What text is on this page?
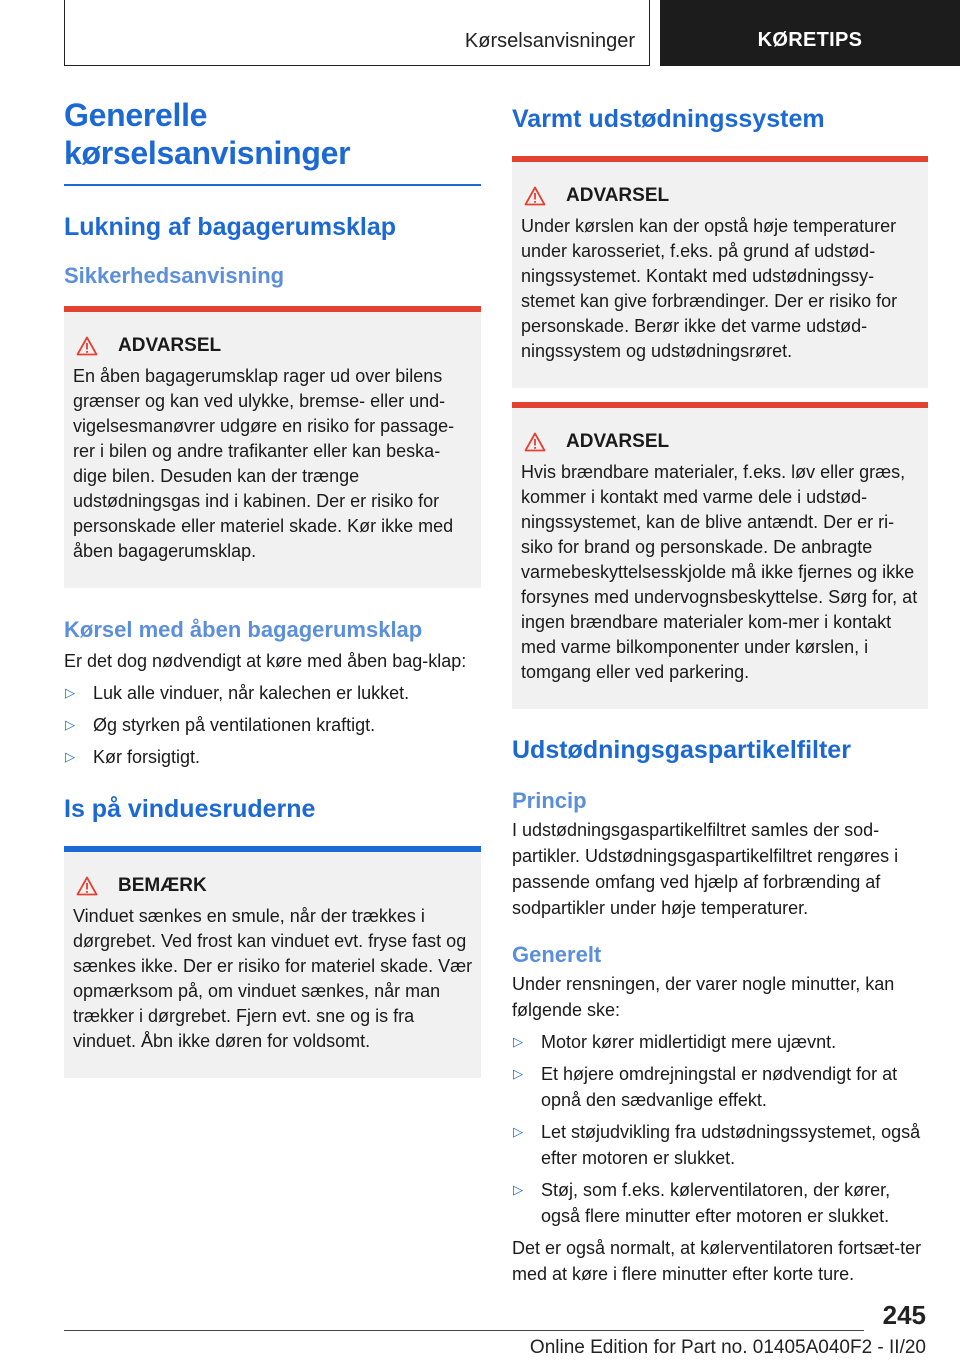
Kørselsanvisninger	KØRETIPS
Generelle kørselsanvisninger
Lukning af bagagerumsklap
Sikkerhedsanvisning
ADVARSEL
En åben bagagerumsklap rager ud over bilens grænser og kan ved ulykke, bremse- eller und-vigelsesmanøvrer udgøre en risiko for passage-rer i bilen og andre trafikanter eller kan beska-dige bilen. Desuden kan der trænge udstødningsgas ind i kabinen. Der er risiko for personskade eller materiel skade. Kør ikke med åben bagagerumsklap.
Kørsel med åben bagagerumsklap

Er det dog nødvendigt at køre med åben bag-klap:

▷	Luk alle vinduer, når kalechen er lukket.
▷	Øg styrken på ventilationen kraftigt.
▷	Kør forsigtigt.
Is på vinduesruderne
BEMÆRK
Vinduet sænkes en smule, når der trækkes i dørgrebet. Ved frost kan vinduet evt. fryse fast og sænkes ikke. Der er risiko for materiel skade. Vær opmærksom på, om vinduet sænkes, når man trækker i dørgrebet. Fjern evt. sne og is fra vinduet. Åbn ikke døren for voldsomt.
Varmt udstødningssystem
ADVARSEL
Under kørslen kan der opstå høje temperaturer under karosseriet, f.eks. på grund af udstød-ningssystemet. Kontakt med udstødningssy-stemet kan give forbrændinger. Der er risiko for personskade. Berør ikke det varme udstød-ningssystem og udstødningsrøret.
ADVARSEL
Hvis brændbare materialer, f.eks. løv eller græs, kommer i kontakt med varme dele i udstød-ningssystemet, kan de blive antændt. Der er ri-siko for brand og personskade. De anbragte varmebeskyttelsesskjolde må ikke fjernes og ikke forsynes med undervognsbeskyttelse. Sørg for, at ingen brændbare materialer kom-mer i kontakt med varme bilkomponenter under kørslen, i tomgang eller ved parkering.
Udstødningsgaspartikelfilter
Princip

I udstødningsgaspartikelfiltret samles der sod-partikler. Udstødningsgaspartikelfiltret rengøres i passende omfang ved hjælp af forbrænding af sodpartikler under høje temperaturer.

Generelt

Under rensningen, der varer nogle minutter, kan følgende ske:

▷	Motor kører midlertidigt mere ujævnt.
▷	Et højere omdrejningstal er nødvendigt for at opnå den sædvanlige effekt.
▷	Let støjudvikling fra udstødningssystemet, også efter motoren er slukket.
▷	Støj, som f.eks. kølerventilatoren, der kører, også flere minutter efter motoren er slukket.

Det er også normalt, at kølerventilatoren fortsæt-ter med at køre i flere minutter efter korte ture.

245
Online Edition for Part no. 01405A040F2 - II/20
